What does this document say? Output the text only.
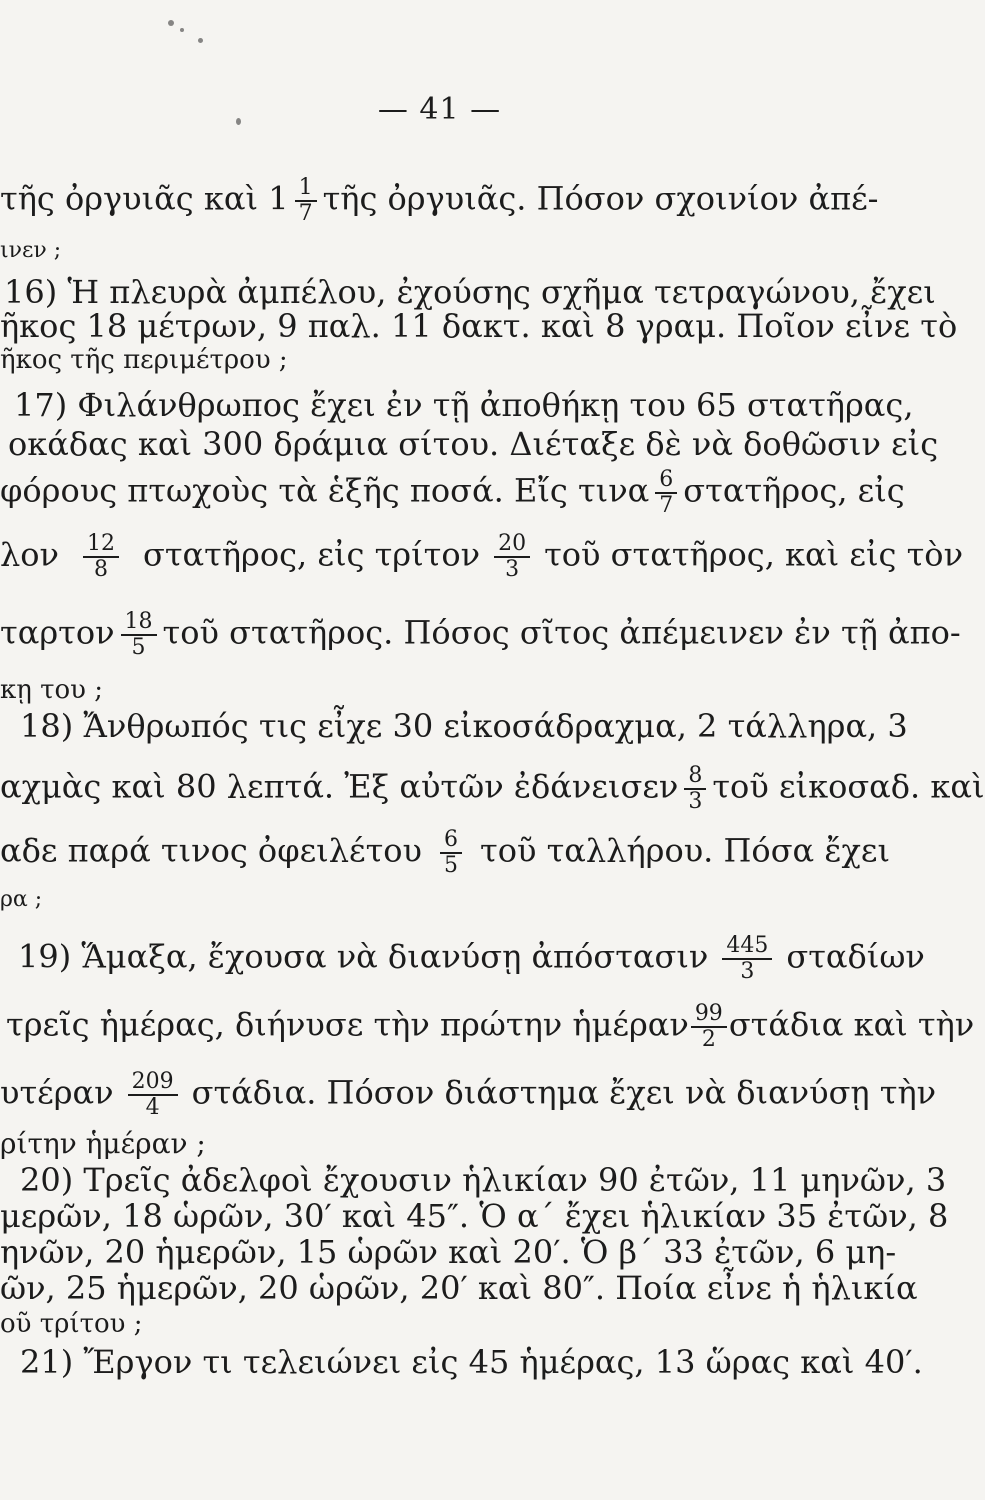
— 41 —
τῆς ὀργυιᾶς καὶ $1 \frac{1}{7}$ τῆς ὀργυιᾶς. Πόσον σχοινίον ἀπέ-
ινεν ;
16) Ἡ πλευρὰ ἀμπέλου, ἐχούσης σχῆμα τετραγώνου, ἔχει
ῆκος 18 μέτρων, 9 παλ. 11 δακτ. καὶ 8 γραμ. Ποῖον εἶνε τὸ
ῆκος τῆς περιμέτρου ;
17) Φιλάνθρωπος ἔχει ἐν τῇ ἀποθήκῃ του 65 στατῆρας,
οκάδας καὶ 300 δράμια σίτου. Διέταξε δὲ νὰ δοθῶσιν εἰς
φόρους πτωχοὺς τὰ ἑξῆς ποσά. Εἴς τινα $\frac{6}{7}$ στατῆρος, εἰς
λον $\frac{12}{8}$ στατῆρος, εἰς τρίτον $\frac{20}{3}$ τοῦ στατῆρος, καὶ εἰς τὸν
ταρτον $\frac{18}{5}$ τοῦ στατῆρος. Πόσος σῖτος ἀπέμεινεν ἐν τῇ ἀπο-
κῃ του ;
18) Ἄνθρωπός τις εἶχε 30 εἰκοσάδραχμα, 2 τάλληρα, 3
αχμὰς καὶ 80 λεπτά. Ἐξ αὐτῶν ἐδάνεισεν $\frac{8}{3}$ τοῦ εἰκοσαδ. καὶ
αδε παρά τινος ὀφειλέτου $\frac{6}{5}$ τοῦ ταλλήρου. Πόσα ἔχει
ρα ;
19) Ἅμαξα, ἔχουσα νὰ διανύσῃ ἀπόστασιν $\frac{445}{3}$ σταδίων
τρεῖς ἡμέρας, διήνυσε τὴν πρώτην ἡμέραν $\frac{99}{2}$ στάδια καὶ τὴν
υτέραν $\frac{209}{4} \sigma\tau ά\delta\iota\alpha$. Πόσον διάστημα ἔχει νὰ διανύσῃ τὴν
ρίτην ἡμέραν ;
20) Τρεῖς ἀδελφοὶ ἔχουσιν ἡλικίαν 90 ἐτῶν, 11 μηνῶν, 3
μερῶν, 18 ὡρῶν, 30′ καὶ 45″. Ὁ α΄ ἔχει ἡλικίαν 35 ἐτῶν, 8
ηνῶν, 20 ἡμερῶν, 15 ὡρῶν καὶ 20′. Ὁ β΄ 33 ἐτῶν, 6 μη-
ῶν, 25 ἡμερῶν, 20 ὡρῶν, 20′ καὶ 80″. Ποία εἶνε ἡ ἡλικία
οῦ τρίτου ;
21) Ἔργον τι τελειώνει εἰς 45 ἡμέρας, 13 ὥρας καὶ 40′.
